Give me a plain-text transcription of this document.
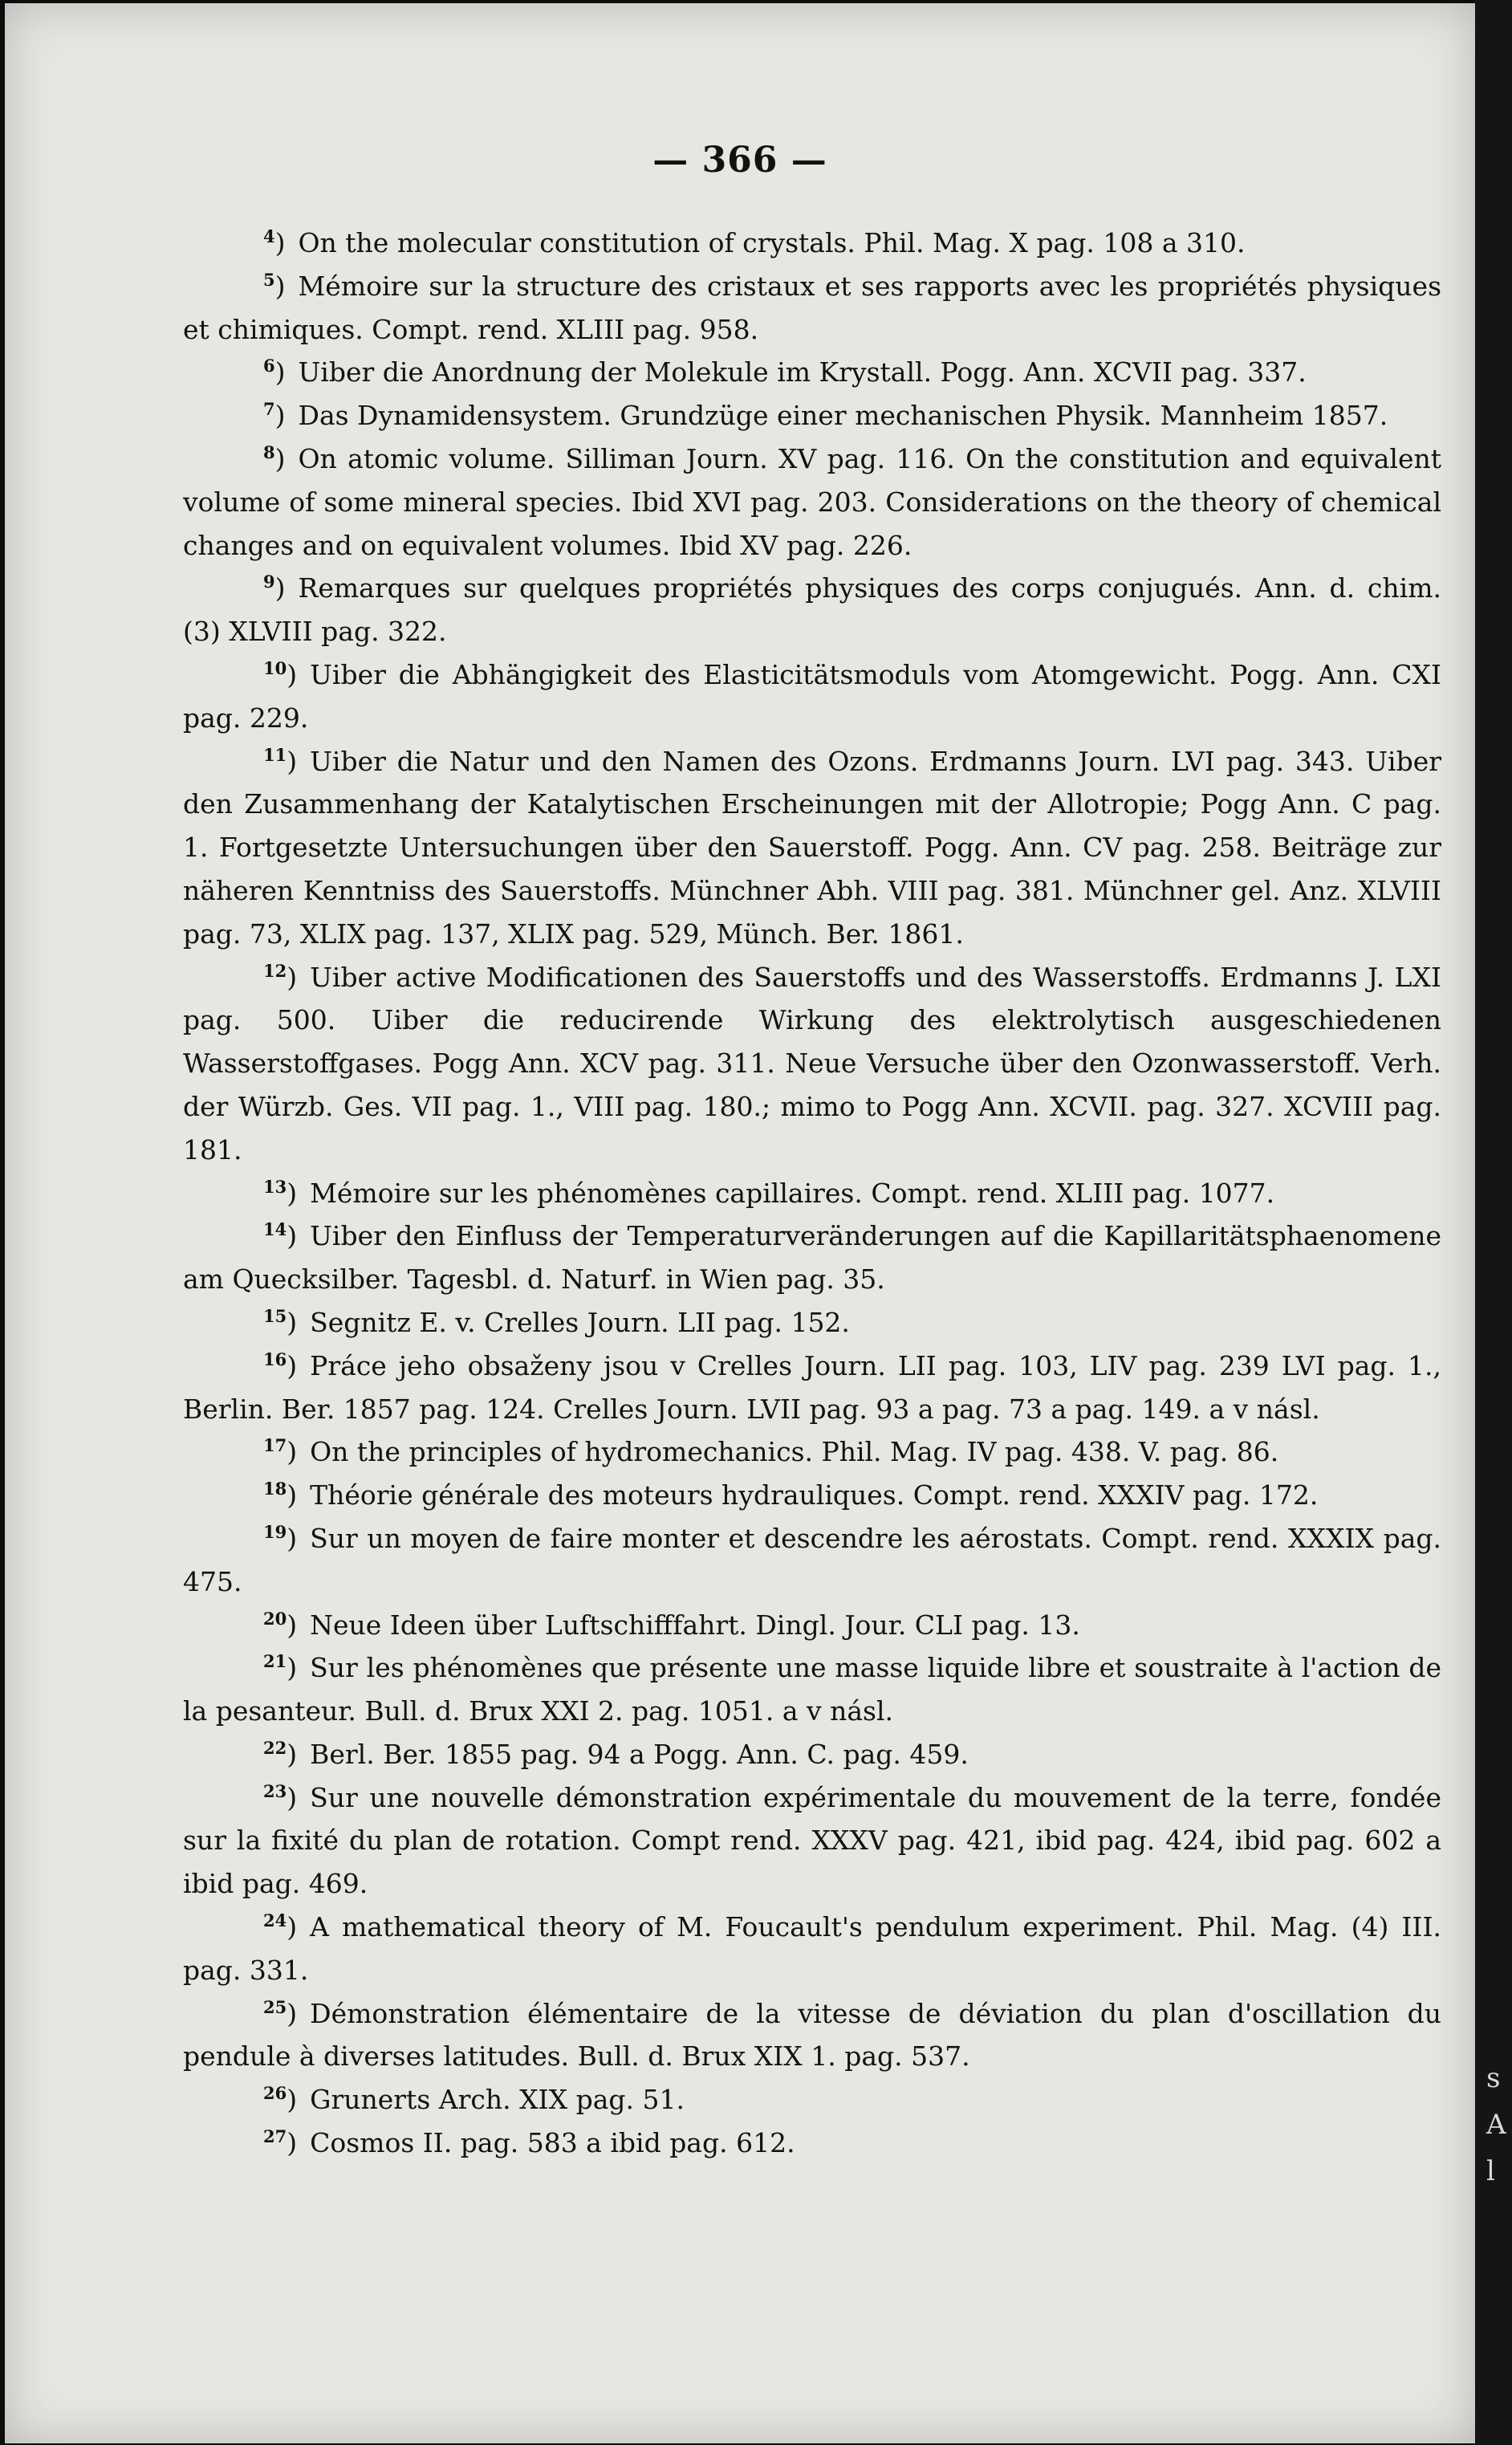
— 366 —

$^4$) On the molecular constitution of crystals. Phil. Mag. X pag. 108 a 310.

$^5$) Mémoire sur la structure des cristaux et ses rapports avec les propriétés physiques et chimiques. Compt. rend. XLIII pag. 958.

$^6$) Uiber die Anordnung der Molekule im Krystall. Pogg. Ann. XCVII pag. 337.

$^7$) Das Dynamidensystem. Grundzüge einer mechanischen Physik. Mannheim 1857.

$^8$) On atomic volume. Silliman Journ. XV pag. 116. On the constitution and equivalent volume of some mineral species. Ibid XVI pag. 203. Considerations on the theory of chemical changes and on equivalent volumes. Ibid XV pag. 226.

$^9$) Remarques sur quelques propriétés physiques des corps conjugués. Ann. d. chim. (3) XLVIII pag. 322.

$^{10}$) Uiber die Abhängigkeit des Elasticitätsmoduls vom Atomgewicht. Pogg. Ann. CXI pag. 229.

$^{11}$) Uiber die Natur und den Namen des Ozons. Erdmanns Journ. LVI pag. 343. Uiber den Zusammenhang der Katalytischen Erscheinungen mit der Allotropie; Pogg Ann. C pag. 1. Fortgesetzte Untersuchungen über den Sauerstoff. Pogg. Ann. CV pag. 258. Beiträge zur näheren Kenntniss des Sauerstoffs. Münchner Abh. VIII pag. 381. Münchner gel. Anz. XLVIII pag. 73, XLIX pag. 137, XLIX pag. 529, Münch. Ber. 1861.

$^{12}$) Uiber active Modificationen des Sauerstoffs und des Wasserstoffs. Erdmanns J. LXI pag. 500. Uiber die reducirende Wirkung des elektrolytisch ausgeschiedenen Wasserstoffgases. Pogg Ann. XCV pag. 311. Neue Versuche über den Ozonwasserstoff. Verh. der Würzb. Ges. VII pag. 1., VIII pag. 180.; mimo to Pogg Ann. XCVII. pag. 327. XCVIII pag. 181.

$^{13}$) Mémoire sur les phénomènes capillaires. Compt. rend. XLIII pag. 1077.

$^{14}$) Uiber den Einfluss der Temperaturveränderungen auf die Kapillaritätsphaenomene am Quecksilber. Tagesbl. d. Naturf. in Wien pag. 35.

$^{15}$) Segnitz E. v. Crelles Journ. LII pag. 152.

$^{16}$) Práce jeho obsaženy jsou v Crelles Journ. LII pag. 103, LIV pag. 239 LVI pag. 1., Berlin. Ber. 1857 pag. 124. Crelles Journ. LVII pag. 93 a pag. 73 a pag. 149. a v násl.

$^{17}$) On the principles of hydromechanics. Phil. Mag. IV pag. 438. V. pag. 86.

$^{18}$) Théorie générale des moteurs hydrauliques. Compt. rend. XXXIV pag. 172.

$^{19}$) Sur un moyen de faire monter et descendre les aérostats. Compt. rend. XXXIX pag. 475.

$^{20}$) Neue Ideen über Luftschifffahrt. Dingl. Jour. CLI pag. 13.

$^{21}$) Sur les phénomènes que présente une masse liquide libre et soustraite à l'action de la pesanteur. Bull. d. Brux XXI 2. pag. 1051. a v násl.

$^{22}$) Berl. Ber. 1855 pag. 94 a Pogg. Ann. C. pag. 459.

$^{23}$) Sur une nouvelle démonstration expérimentale du mouvement de la terre, fondée sur la fixité du plan de rotation. Compt rend. XXXV pag. 421, ibid pag. 424, ibid pag. 602 a ibid pag. 469.

$^{24}$) A mathematical theory of M. Foucault's pendulum experiment. Phil. Mag. (4) III. pag. 331.

$^{25}$) Démonstration élémentaire de la vitesse de déviation du plan d'oscillation du pendule à diverses latitudes. Bull. d. Brux XIX 1. pag. 537.

$^{26}$) Grunerts Arch. XIX pag. 51.

$^{27}$) Cosmos II. pag. 583 a ibid pag. 612.

s
A
l
